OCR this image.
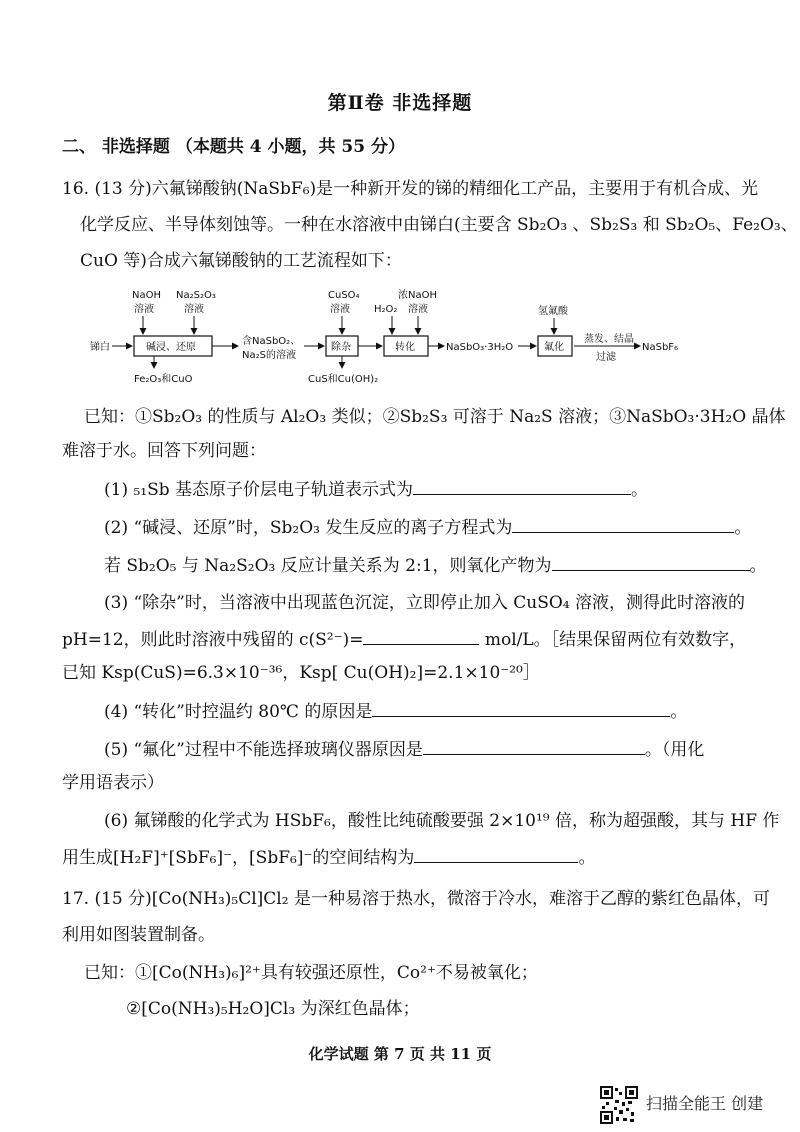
第Ⅱ卷 非选择题
二、 非选择题 （本题共 4 小题，共 55 分）
16. (13 分)六氟锑酸钠(NaSbF₆)是一种新开发的锑的精细化工产品，主要用于有机合成、光
化学反应、半导体刻蚀等。一种在水溶液中由锑白(主要含 Sb₂O₃ 、Sb₂S₃ 和 Sb₂O₅、Fe₂O₃、
CuO 等)合成六氟锑酸钠的工艺流程如下：
NaOH
溶液
Na₂S₂O₃
溶液
锑白	碱浸、还原
Fe₂O₃和CuO
含NaSbO₂、
Na₂S的溶液
CuSO₄
溶液
除杂
CuS和Cu(OH)₂
H₂O₂
浓NaOH
溶液
转化	NaSbO₃·3H₂O
氢氟酸
氟化
蒸发、结晶
过滤
NaSbF₆
已知：①Sb₂O₃ 的性质与 Al₂O₃ 类似；②Sb₂S₃ 可溶于 Na₂S 溶液；③NaSbO₃·3H₂O 晶体
难溶于水。回答下列问题：
(1) ₅₁Sb 基态原子价层电子轨道表示式为	。
(2) “碱浸、还原”时，Sb₂O₃ 发生反应的离子方程式为	。
若 Sb₂O₅ 与 Na₂S₂O₃ 反应计量关系为 2:1，则氧化产物为	。
(3) “除杂”时，当溶液中出现蓝色沉淀，立即停止加入 CuSO₄ 溶液，测得此时溶液的
pH=12，则此时溶液中残留的 c(S²⁻)=	mol/L。［结果保留两位有效数字，
已知 Ksp(CuS)=6.3×10⁻³⁶，Ksp[ Cu(OH)₂]=2.1×10⁻²⁰］
(4) “转化”时控温约 80℃ 的原因是	。
(5) “氟化”过程中不能选择玻璃仪器原因是	。（用化
学用语表示）
(6) 氟锑酸的化学式为 HSbF₆，酸性比纯硫酸要强 2×10¹⁹ 倍，称为超强酸，其与 HF 作
用生成[H₂F]⁺[SbF₆]⁻，[SbF₆]⁻的空间结构为	。
17. (15 分)[Co(NH₃)₅Cl]Cl₂ 是一种易溶于热水，微溶于冷水，难溶于乙醇的紫红色晶体，可
利用如图装置制备。
已知：①[Co(NH₃)₆]²⁺具有较强还原性，Co²⁺不易被氧化；
②[Co(NH₃)₅H₂O]Cl₃ 为深红色晶体；
化学试题 第 7 页 共 11 页
扫描全能王 创建
